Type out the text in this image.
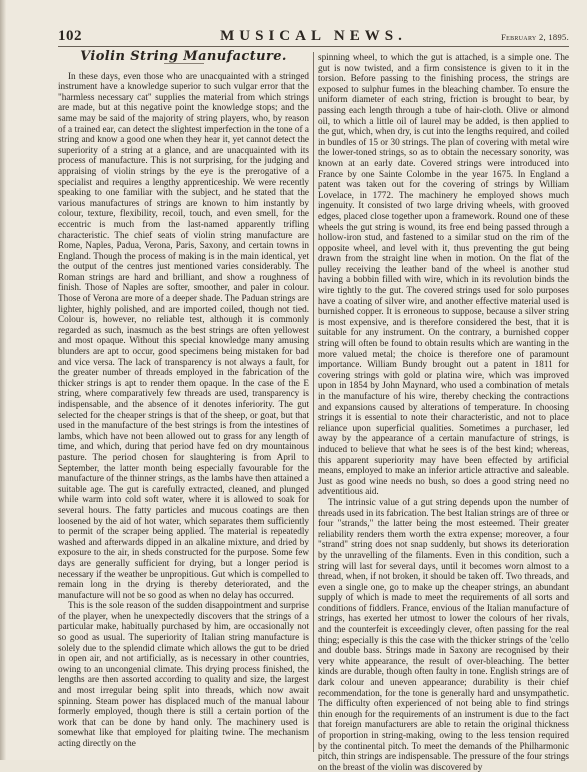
102	MUSICAL NEWS.	February 2, 1895.

Violin String Manufacture.

In these days, even those who are unacquainted with a stringed instrument have a knowledge superior to such vulgar error that the "harmless necessary cat" supplies the material from which strings are made, but at this negative point the knowledge stops; and the same may be said of the majority of string players, who, by reason of a trained ear, can detect the slightest imperfection in the tone of a string and know a good one when they hear it, yet cannot detect the superiority of a string at a glance, and are unacquainted with its process of manufacture. This is not surprising, for the judging and appraising of violin strings by the eye is the prerogative of a specialist and requires a lengthy apprenticeship. We were recently speaking to one familiar with the subject, and he stated that the various manufactures of strings are known to him instantly by colour, texture, flexibility, recoil, touch, and even smell, for the eccentric is much from the last-named apparently trifling characteristic. The chief seats of violin string manufacture are Rome, Naples, Padua, Verona, Paris, Saxony, and certain towns in England. Though the process of making is in the main identical, yet the output of the centres just mentioned varies considerably. The Roman strings are hard and brilliant, and show a roughness of finish. Those of Naples are softer, smoother, and paler in colour. Those of Verona are more of a deeper shade. The Paduan strings are lighter, highly polished, and are imported coiled, though not tied. Colour is, however, no reliable test, although it is commonly regarded as such, inasmuch as the best strings are often yellowest and most opaque. Without this special knowledge many amusing blunders are apt to occur, good specimens being mistaken for bad and vice versa. The lack of transparency is not always a fault, for the greater number of threads employed in the fabrication of the thicker strings is apt to render them opaque. In the case of the E string, where comparatively few threads are used, transparency is indispensable, and the absence of it denotes inferiority. The gut selected for the cheaper strings is that of the sheep, or goat, but that used in the manufacture of the best strings is from the intestines of lambs, which have not been allowed out to grass for any length of time, and which, during that period have fed on dry mountainous pasture. The period chosen for slaughtering is from April to September, the latter month being especially favourable for the manufacture of the thinner strings, as the lambs have then attained a suitable age. The gut is carefully extracted, cleaned, and plunged while warm into cold soft water, where it is allowed to soak for several hours. The fatty particles and mucous coatings are then loosened by the aid of hot water, which separates them sufficiently to permit of the scraper being applied. The material is repeatedly washed and afterwards dipped in an alkaline mixture, and dried by exposure to the air, in sheds constructed for the purpose. Some few days are generally sufficient for drying, but a longer period is necessary if the weather be unpropitious. Gut which is compelled to remain long in the drying is thereby deteriorated, and the manufacture will not be so good as when no delay has occurred.

This is the sole reason of the sudden disappointment and surprise of the player, when he unexpectedly discovers that the strings of a particular make, habitually purchased by him, are occasionally not so good as usual. The superiority of Italian string manufacture is solely due to the splendid climate which allows the gut to be dried in open air, and not artificially, as is necessary in other countries, owing to an uncongenial climate. This drying process finished, the lengths are then assorted according to quality and size, the largest and most irregular being split into threads, which now await spinning. Steam power has displaced much of the manual labour formerly employed, though there is still a certain portion of the work that can be done by hand only. The machinery used is somewhat like that employed for plaiting twine. The mechanism acting directly on the

spinning wheel, to which the gut is attached, is a simple one. The gut is now twisted, and a firm consistence is given to it in the torsion. Before passing to the finishing process, the strings are exposed to sulphur fumes in the bleaching chamber. To ensure the uniform diameter of each string, friction is brought to bear, by passing each length through a tube of hair-cloth. Olive or almond oil, to which a little oil of laurel may be added, is then applied to the gut, which, when dry, is cut into the lengths required, and coiled in bundles of 15 or 30 strings. The plan of covering with metal wire the lower-toned strings, so as to obtain the necessary sonority, was known at an early date. Covered strings were introduced into France by one Sainte Colombe in the year 1675. In England a patent was taken out for the covering of strings by William Lovelace, in 1772. The machinery he employed shows much ingenuity. It consisted of two large driving wheels, with grooved edges, placed close together upon a framework. Round one of these wheels the gut string is wound, its free end being passed through a hollow-iron stud, and fastened to a similar stud on the rim of the opposite wheel, and level with it, thus preventing the gut being drawn from the straight line when in motion. On the flat of the pulley receiving the leather band of the wheel is another stud having a bobbin filled with wire, which in its revolution binds the wire tightly to the gut. The covered strings used for solo purposes have a coating of silver wire, and another effective material used is burnished copper. It is erroneous to suppose, because a silver string is most expensive, and is therefore considered the best, that it is suitable for any instrument. On the contrary, a burnished copper string will often be found to obtain results which are wanting in the more valued metal; the choice is therefore one of paramount importance. William Bundy brought out a patent in 1811 for covering strings with gold or platina wire, which was improved upon in 1854 by John Maynard, who used a combination of metals in the manufacture of his wire, thereby checking the contractions and expansions caused by alterations of temperature. In choosing strings it is essential to note their characteristic, and not to place reliance upon superficial qualities. Sometimes a purchaser, led away by the appearance of a certain manufacture of strings, is induced to believe that what he sees is of the best kind; whereas, this apparent superiority may have been effected by artificial means, employed to make an inferior article attractive and saleable. Just as good wine needs no bush, so does a good string need no adventitious aid.

The intrinsic value of a gut string depends upon the number of threads used in its fabrication. The best Italian strings are of three or four "strands," the latter being the most esteemed. Their greater reliability renders them worth the extra expense; moreover, a four "strand" string does not snap suddenly, but shows its deterioration by the unravelling of the filaments. Even in this condition, such a string will last for several days, until it becomes worn almost to a thread, when, if not broken, it should be taken off. Two threads, and even a single one, go to make up the cheaper strings, an abundant supply of which is made to meet the requirements of all sorts and conditions of fiddlers. France, envious of the Italian manufacture of strings, has exerted her utmost to lower the colours of her rivals, and the counterfeit is exceedingly clever, often passing for the real thing; especially is this the case with the thicker strings of the 'cello and double bass. Strings made in Saxony are recognised by their very white appearance, the result of over-bleaching. The better kinds are durable, though often faulty in tone. English strings are of dark colour and uneven appearance; durability is their chief recommendation, for the tone is generally hard and unsympathetic. The difficulty often experienced of not being able to find strings thin enough for the requirements of an instrument is due to the fact that foreign manufacturers are able to retain the original thickness of proportion in string-making, owing to the less tension required by the continental pitch. To meet the demands of the Philharmonic pitch, thin strings are indispensable. The pressure of the four strings on the breast of the violin was discovered by
